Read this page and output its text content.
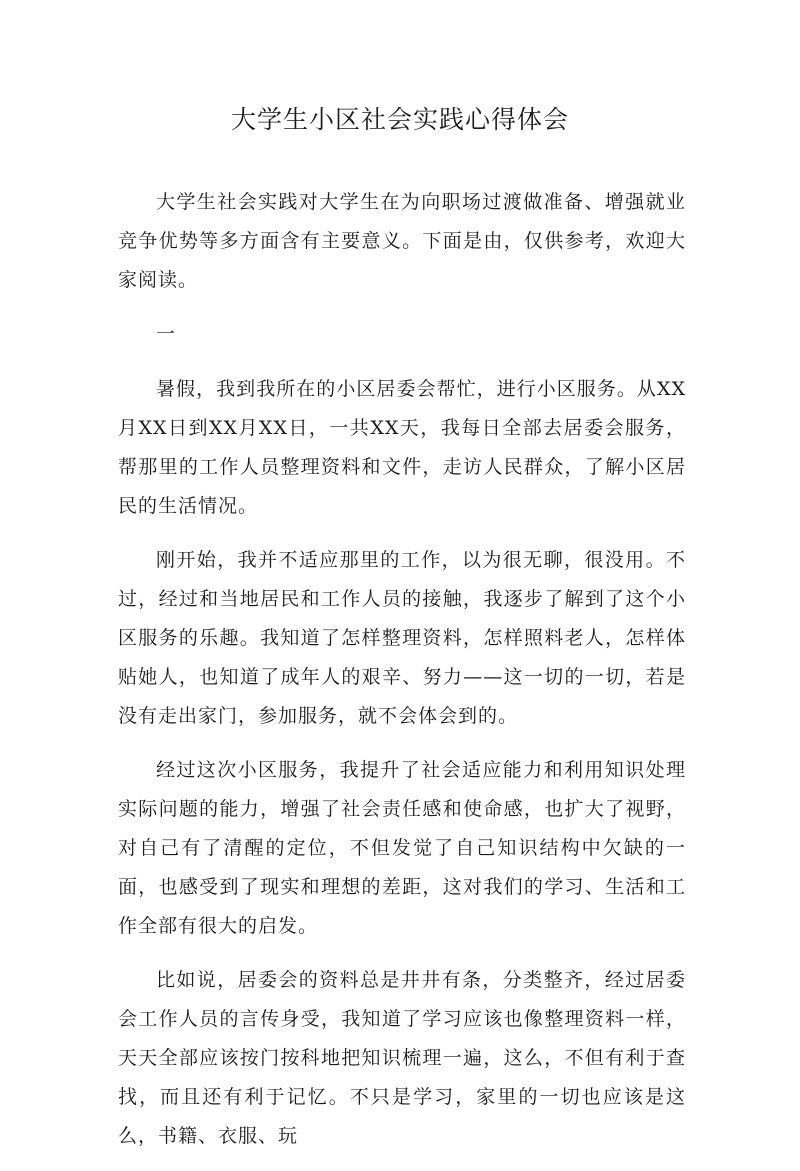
大学生小区社会实践心得体会

大学生社会实践对大学生在为向职场过渡做准备、增强就业竞争优势等多方面含有主要意义。下面是由，仅供参考，欢迎大家阅读。

一

暑假，我到我所在的小区居委会帮忙，进行小区服务。从XX月XX日到XX月XX日，一共XX天，我每日全部去居委会服务，帮那里的工作人员整理资料和文件，走访人民群众，了解小区居民的生活情况。

刚开始，我并不适应那里的工作，以为很无聊，很没用。不过，经过和当地居民和工作人员的接触，我逐步了解到了这个小区服务的乐趣。我知道了怎样整理资料，怎样照料老人，怎样体贴她人，也知道了成年人的艰辛、努力——这一切的一切，若是没有走出家门，参加服务，就不会体会到的。

经过这次小区服务，我提升了社会适应能力和利用知识处理实际问题的能力，增强了社会责任感和使命感，也扩大了视野，对自己有了清醒的定位，不但发觉了自己知识结构中欠缺的一面，也感受到了现实和理想的差距，这对我们的学习、生活和工作全部有很大的启发。

比如说，居委会的资料总是井井有条，分类整齐，经过居委会工作人员的言传身受，我知道了学习应该也像整理资料一样，天天全部应该按门按科地把知识梳理一遍，这么，不但有利于查找，而且还有利于记忆。不只是学习，家里的一切也应该是这么，书籍、衣服、玩
